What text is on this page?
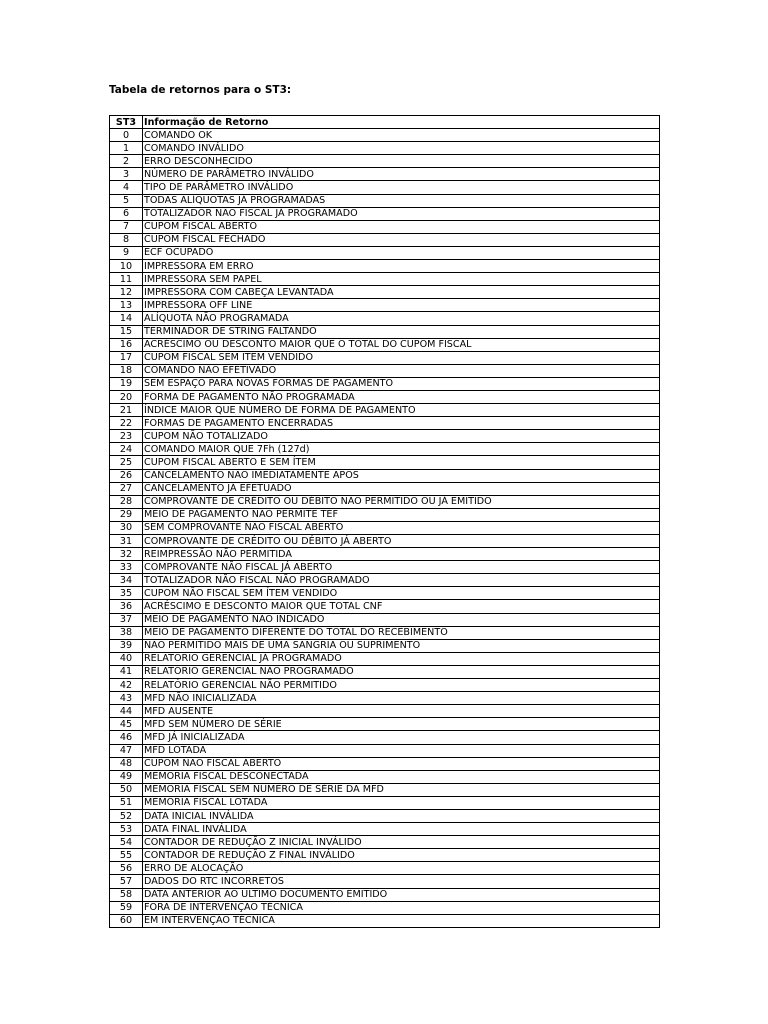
Tabela de retornos para o ST3:
ST3	Informação de Retorno
0	COMANDO OK
1	COMANDO INVÁLIDO
2	ERRO DESCONHECIDO
3	NÚMERO DE PARÂMETRO INVÁLIDO
4	TIPO DE PARÂMETRO INVÁLIDO
5	TODAS ALÍQUOTAS JÁ PROGRAMADAS
6	TOTALIZADOR NÃO FISCAL JÁ PROGRAMADO
7	CUPOM FISCAL ABERTO
8	CUPOM FISCAL FECHADO
9	ECF OCUPADO
10	IMPRESSORA EM ERRO
11	IMPRESSORA SEM PAPEL
12	IMPRESSORA COM CABEÇA LEVANTADA
13	IMPRESSORA OFF LINE
14	ALÍQUOTA NÃO PROGRAMADA
15	TERMINADOR DE STRING FALTANDO
16	ACRÉSCIMO OU DESCONTO MAIOR QUE O TOTAL DO CUPOM FISCAL
17	CUPOM FISCAL SEM ITEM VENDIDO
18	COMANDO NÃO EFETIVADO
19	SEM ESPAÇO PARA NOVAS FORMAS DE PAGAMENTO
20	FORMA DE PAGAMENTO NÃO PROGRAMADA
21	ÍNDICE MAIOR QUE NÚMERO DE FORMA DE PAGAMENTO
22	FORMAS DE PAGAMENTO ENCERRADAS
23	CUPOM NÃO TOTALIZADO
24	COMANDO MAIOR QUE 7Fh (127d)
25	CUPOM FISCAL ABERTO E SEM ÍTEM
26	CANCELAMENTO NÃO IMEDIATAMENTE APÓS
27	CANCELAMENTO JÁ EFETUADO
28	COMPROVANTE DE CRÉDITO OU DÉBITO NÃO PERMITIDO OU JÁ EMITIDO
29	MEIO DE PAGAMENTO NÃO PERMITE TEF
30	SEM COMPROVANTE NÃO FISCAL ABERTO
31	COMPROVANTE DE CRÉDITO OU DÉBITO JÁ ABERTO
32	REIMPRESSÃO NÃO PERMITIDA
33	COMPROVANTE NÃO FISCAL JÁ ABERTO
34	TOTALIZADOR NÃO FISCAL NÃO PROGRAMADO
35	CUPOM NÃO FISCAL SEM ÍTEM VENDIDO
36	ACRÉSCIMO E DESCONTO MAIOR QUE TOTAL CNF
37	MEIO DE PAGAMENTO NÃO INDICADO
38	MEIO DE PAGAMENTO DIFERENTE DO TOTAL DO RECEBIMENTO
39	NÃO PERMITIDO MAIS DE UMA SANGRIA OU SUPRIMENTO
40	RELATÓRIO GERENCIAL JÁ PROGRAMADO
41	RELATÓRIO GERENCIAL NÃO PROGRAMADO
42	RELATÓRIO GERENCIAL NÃO PERMITIDO
43	MFD NÃO INICIALIZADA
44	MFD AUSENTE
45	MFD SEM NÚMERO DE SÉRIE
46	MFD JÁ INICIALIZADA
47	MFD LOTADA
48	CUPOM NÃO FISCAL ABERTO
49	MEMÓRIA FISCAL DESCONECTADA
50	MEMÓRIA FISCAL SEM NÚMERO DE SÉRIE DA MFD
51	MEMÓRIA FISCAL LOTADA
52	DATA INICIAL INVÁLIDA
53	DATA FINAL INVÁLIDA
54	CONTADOR DE REDUÇÃO Z INICIAL INVÁLIDO
55	CONTADOR DE REDUÇÃO Z FINAL INVÁLIDO
56	ERRO DE ALOCAÇÃO
57	DADOS DO RTC INCORRETOS
58	DATA ANTERIOR AO ÚLTIMO DOCUMENTO EMITIDO
59	FORA DE INTERVENÇÃO TÉCNICA
60	EM INTERVENÇÃO TÉCNICA
